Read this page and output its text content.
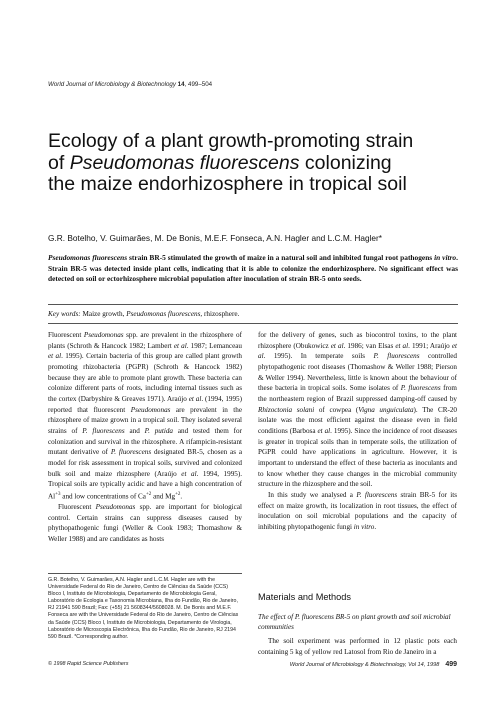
World Journal of Microbiology & Biotechnology 14, 499–504
Ecology of a plant growth-promoting strain
of Pseudomonas fluorescens colonizing
the maize endorhizosphere in tropical soil
G.R. Botelho, V. Guimarães, M. De Bonis, M.E.F. Fonseca, A.N. Hagler and L.C.M. Hagler*
Pseudomonas fluorescens strain BR-5 stimulated the growth of maize in a natural soil and inhibited fungal root pathogens in vitro. Strain BR-5 was detected inside plant cells, indicating that it is able to colonize the endorhizosphere. No significant effect was detected on soil or ectorhizosphere microbial population after inoculation of strain BR-5 onto seeds.
Key words: Maize growth, Pseudomonas fluorescens, rhizosphere.

Fluorescent Pseudomonas spp. are prevalent in the rhizosphere of plants (Schroth & Hancock 1982; Lambert et al. 1987; Lemanceau et al. 1995). Certain bacteria of this group are called plant growth promoting rhizobacteria (PGPR) (Schroth & Hancock 1982) because they are able to promote plant growth. These bacteria can colonize different parts of roots, including internal tissues such as the cortex (Darbyshire & Greaves 1971). Araújo et al. (1994, 1995) reported that fluorescent Pseudomonas are prevalent in the rhizosphere of maize grown in a tropical soil. They isolated several strains of P. fluorescens and P. putida and tested them for colonization and survival in the rhizosphere. A rifampicin-resistant mutant derivative of P. fluorescens designated BR-5, chosen as a model for risk assessment in tropical soils, survived and colonized bulk soil and maize rhizosphere (Araújo et al. 1994, 1995). Tropical soils are typically acidic and have a high concentration of $Al^{+3}$ and low concentrations of $Ca^{+2}$ and $Mg^{+2}$.

Fluorescent Pseudomonas spp. are important for biological control. Certain strains can suppress diseases caused by phythopathogenic fungi (Weller & Cook 1983; Thomashow & Weller 1988) and are candidates as hosts

for the delivery of genes, such as biocontrol toxins, to the plant rhizosphere (Obukowicz et al. 1986; van Elsas et al. 1991; Araújo et al. 1995). In temperate soils P. fluorescens controlled phytopathogenic root diseases (Thomashow & Weller 1988; Pierson & Weller 1994). Nevertheless, little is known about the behaviour of these bacteria in tropical soils. Some isolates of P. fluorescens from the northeastern region of Brazil suppressed damping-off caused by Rhizoctonia solani of cowpea (Vigna unguiculata). The CR-20 isolate was the most efficient against the disease even in field conditions (Barbosa et al. 1995). Since the incidence of root diseases is greater in tropical soils than in temperate soils, the utilization of PGPR could have applications in agriculture. However, it is important to understand the effect of these bacteria as inoculants and to know whether they cause changes in the microbial community structure in the rhizosphere and the soil.

In this study we analysed a P. fluorescens strain BR-5 for its effect on maize growth, its localization in root tissues, the effect of inoculation on soil microbial populations and the capacity of inhibiting phytopathogenic fungi in vitro.

G.R. Botelho, V. Guimarães, A.N. Hagler and L.C.M. Hagler are with the Universidade Federal do Rio de Janeiro, Centro de Ciências da Saúde (CCS) Bloco I, Instituto de Microbiologia, Departamento de Microbiologia Geral, Laboratório de Ecologia e Taxonomia Microbiana, Ilha do Fundão, Rio de Janeiro, RJ 21941 590 Brazil; Fax: (+55) 21 5608344/5608028. M. De Bonis and M.E.F. Fonseca are with the Universidade Federal do Rio de Janeiro, Centro de Ciências da Saúde (CCS) Bloco I, Instituto de Microbiologia, Departamento de Virologia, Laboratório de Microscopia Electrônica, Ilha do Fundão, Rio de Janeiro, RJ 2194 590 Brazil. *Corresponding author.
© 1998 Rapid Science Publishers
Materials and Methods
The effect of P. fluorescens BR-5 on plant growth and soil microbial communities
The soil experiment was performed in 12 plastic pots each containing 5 kg of yellow red Latosol from Rio de Janeiro in a
World Journal of Microbiology & Biotechnology, Vol 14, 1998 499
